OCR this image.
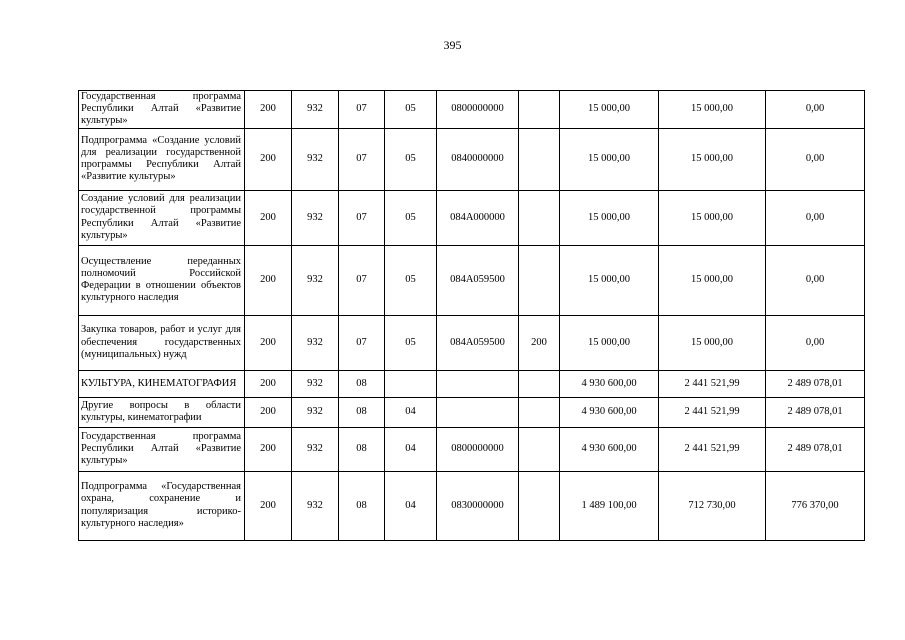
395
Государственная программа Республики Алтай «Развитие культуры»	200	932	07	05	0800000000		15 000,00	15 000,00	0,00
Подпрограмма «Создание условий для реализации государственной программы Республики Алтай «Развитие культуры»	200	932	07	05	0840000000		15 000,00	15 000,00	0,00
Создание условий для реализации государственной программы Республики Алтай «Развитие культуры»	200	932	07	05	084А000000		15 000,00	15 000,00	0,00
Осуществление переданных полномочий Российской Федерации в отношении объектов культурного наследия	200	932	07	05	084А059500		15 000,00	15 000,00	0,00
Закупка товаров, работ и услуг для обеспечения государственных (муниципальных) нужд	200	932	07	05	084А059500	200	15 000,00	15 000,00	0,00
КУЛЬТУРА, КИНЕМАТОГРАФИЯ	200	932	08				4 930 600,00	2 441 521,99	2 489 078,01
Другие вопросы в области культуры, кинематографии	200	932	08	04			4 930 600,00	2 441 521,99	2 489 078,01
Государственная программа Республики Алтай «Развитие культуры»	200	932	08	04	0800000000		4 930 600,00	2 441 521,99	2 489 078,01
Подпрограмма «Государственная охрана, сохранение и популяризация историко-культурного наследия»	200	932	08	04	0830000000		1 489 100,00	712 730,00	776 370,00
